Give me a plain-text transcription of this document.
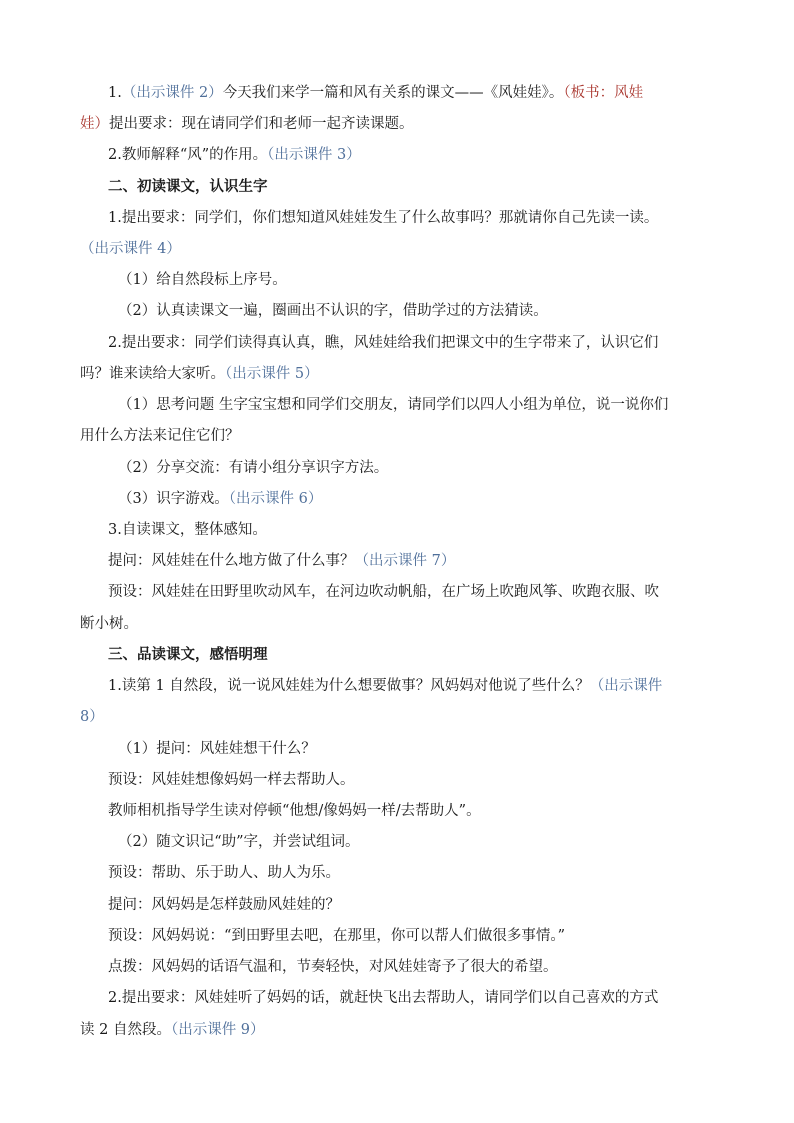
1.（出示课件 2）今天我们来学一篇和风有关系的课文——《风娃娃》。（板书：风娃
娃）提出要求：现在请同学们和老师一起齐读课题。
2.教师解释“风”的作用。（出示课件 3）
二、初读课文，认识生字
1.提出要求：同学们，你们想知道风娃娃发生了什么故事吗？那就请你自己先读一读。
（出示课件 4）
（1）给自然段标上序号。
（2）认真读课文一遍，圈画出不认识的字，借助学过的方法猜读。
2.提出要求：同学们读得真认真，瞧，风娃娃给我们把课文中的生字带来了，认识它们
吗？谁来读给大家听。（出示课件 5）
（1）思考问题 生字宝宝想和同学们交朋友，请同学们以四人小组为单位，说一说你们
用什么方法来记住它们？
（2）分享交流：有请小组分享识字方法。
（3）识字游戏。（出示课件 6）
3.自读课文，整体感知。
提问：风娃娃在什么地方做了什么事？（出示课件 7）
预设：风娃娃在田野里吹动风车，在河边吹动帆船，在广场上吹跑风筝、吹跑衣服、吹
断小树。
三、品读课文，感悟明理
1.读第 1 自然段，说一说风娃娃为什么想要做事？风妈妈对他说了些什么？（出示课件
8）
（1）提问：风娃娃想干什么？
预设：风娃娃想像妈妈一样去帮助人。
教师相机指导学生读对停顿“他想/像妈妈一样/去帮助人”。
（2）随文识记“助”字，并尝试组词。
预设：帮助、乐于助人、助人为乐。
提问：风妈妈是怎样鼓励风娃娃的？
预设：风妈妈说：“到田野里去吧，在那里，你可以帮人们做很多事情。”
点拨：风妈妈的话语气温和，节奏轻快，对风娃娃寄予了很大的希望。
2.提出要求：风娃娃听了妈妈的话，就赶快飞出去帮助人，请同学们以自己喜欢的方式
读 2 自然段。（出示课件 9）
